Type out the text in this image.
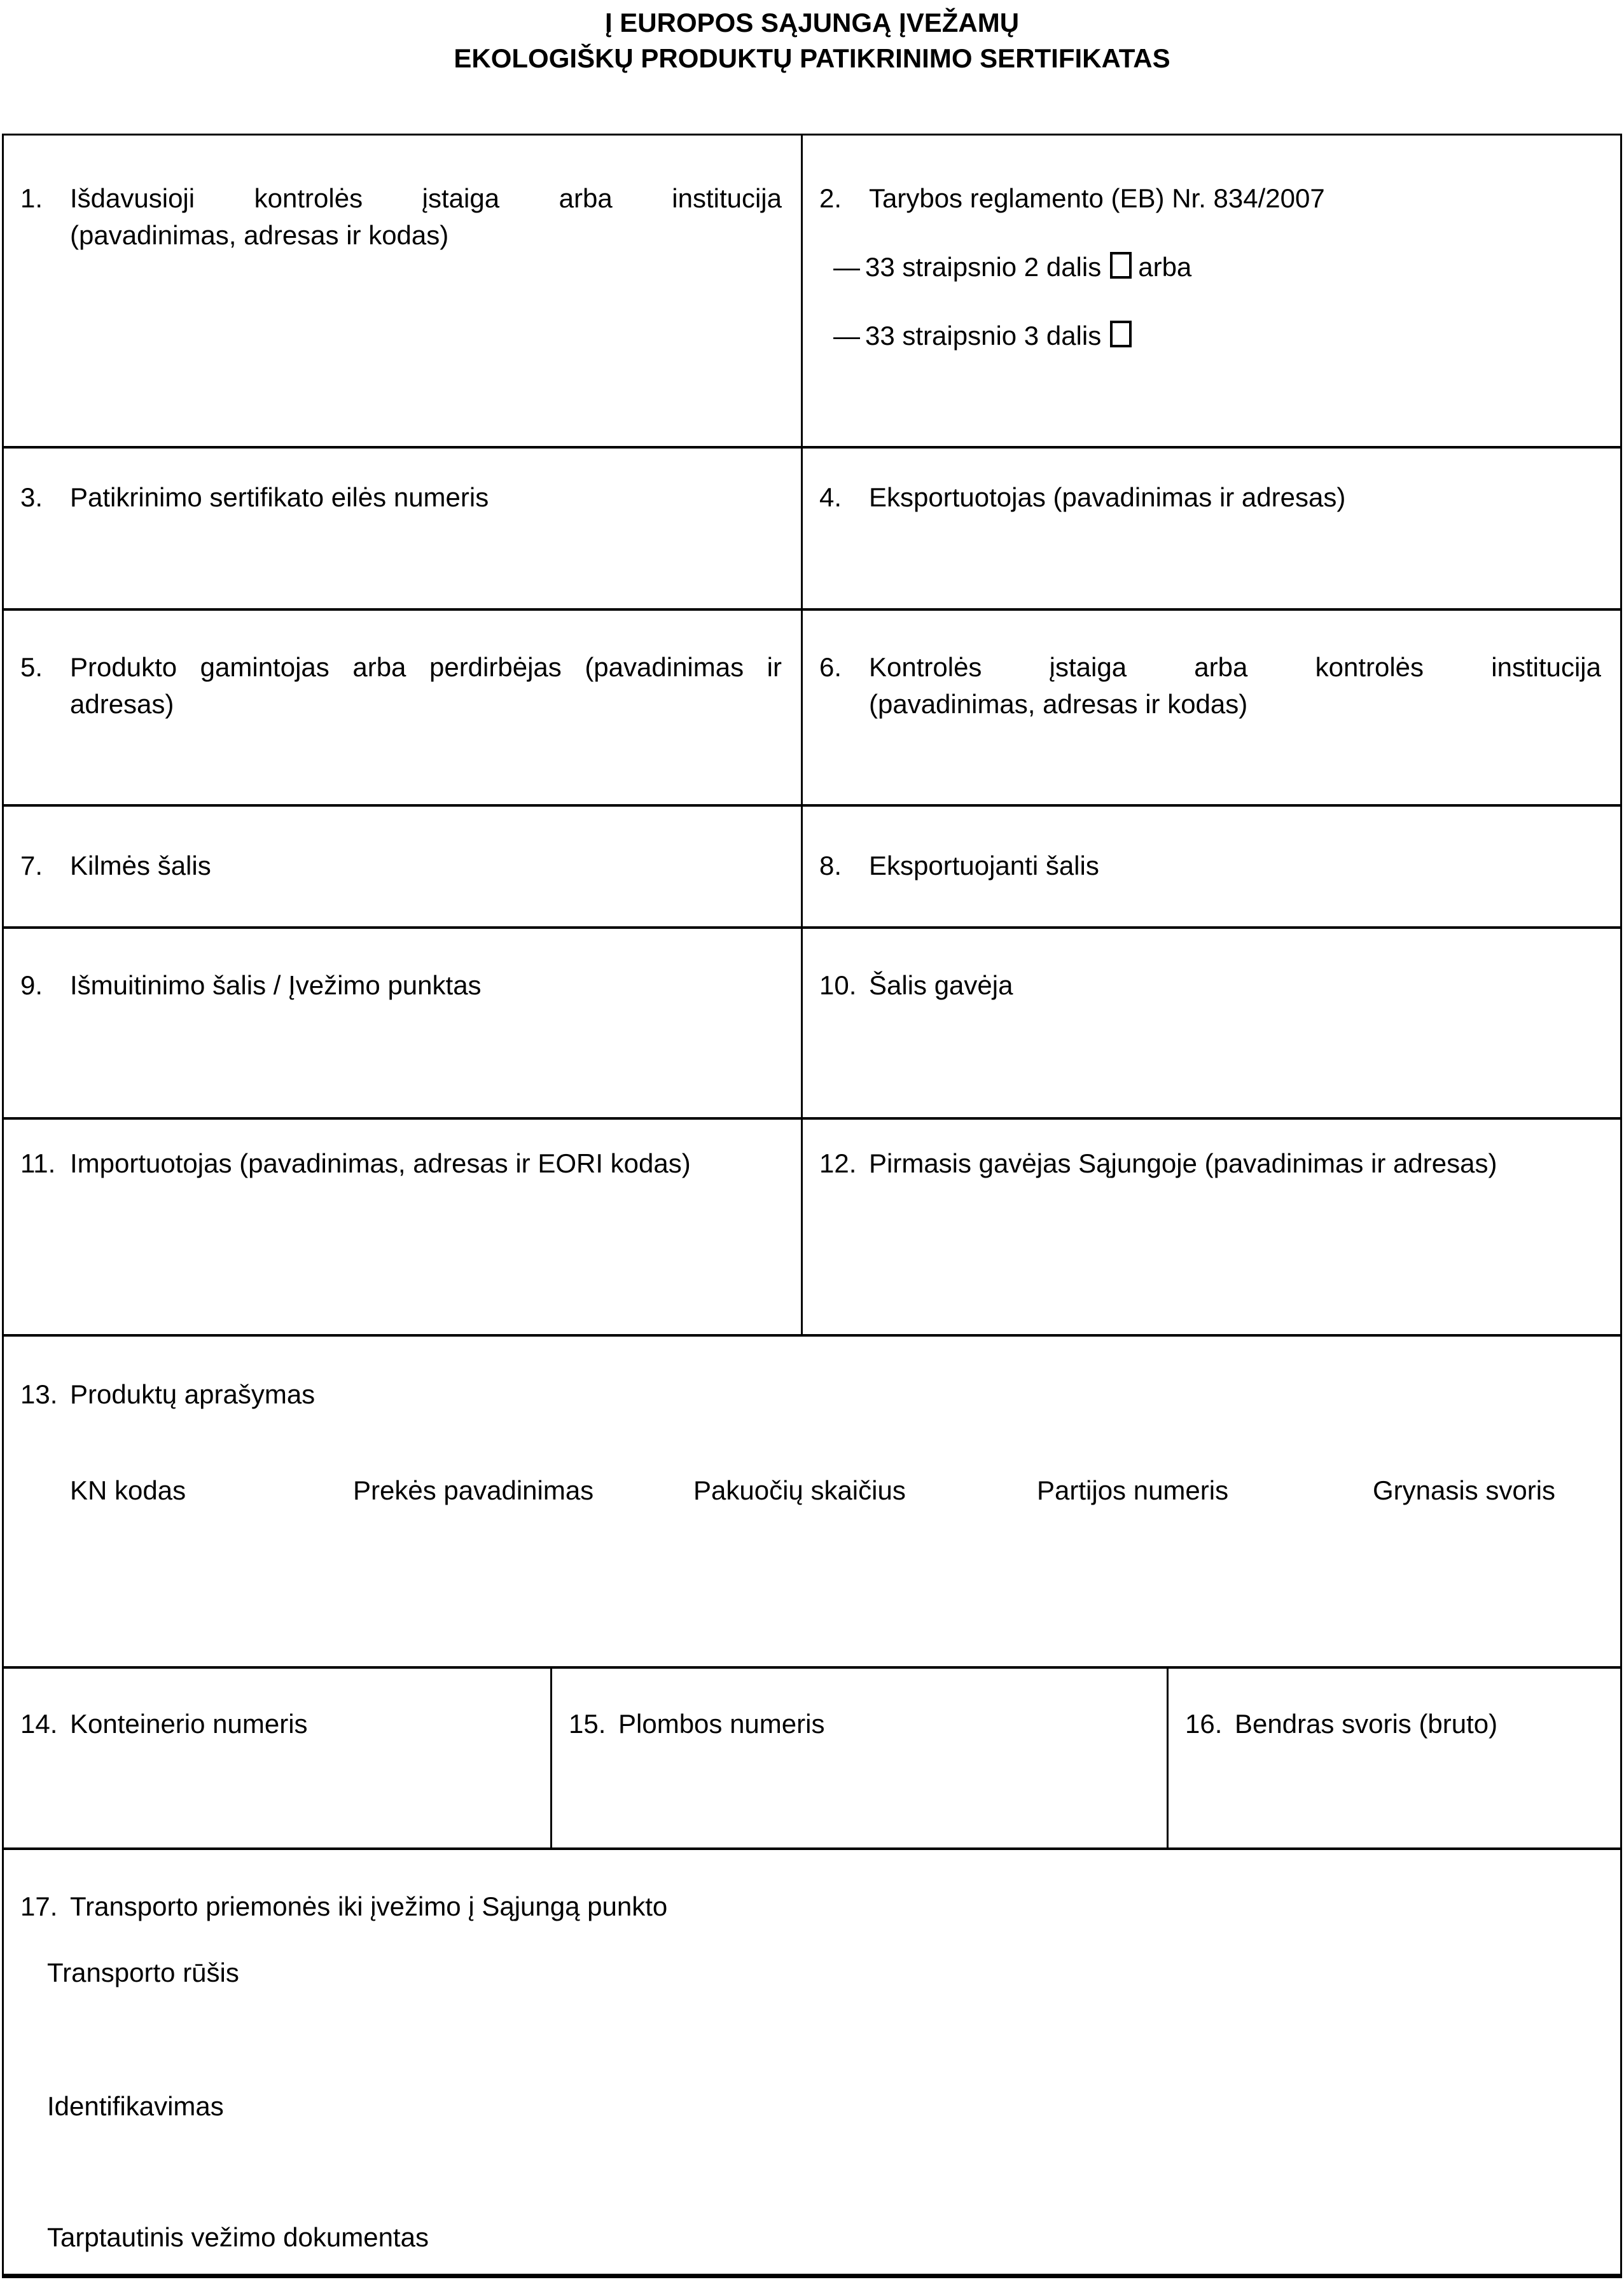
Į EUROPOS SĄJUNGĄ ĮVEŽAMŲ
EKOLOGIŠKŲ PRODUKTŲ PATIKRINIMO SERTIFIKATAS
1.	Išdavusioji kontrolės įstaiga arba institucija
(pavadinimas, adresas ir kodas)
2.	Tarybos reglamento (EB) Nr. 834/2007
— 33 straipsnio 2 dalis arba
— 33 straipsnio 3 dalis
3.	Patikrinimo sertifikato eilės numeris	4.	Eksportuotojas (pavadinimas ir adresas)
5.	Produkto gamintojas arba perdirbėjas (pavadinimas ir
adresas)
6.	Kontrolės įstaiga arba kontrolės institucija
(pavadinimas, adresas ir kodas)
7.	Kilmės šalis	8.	Eksportuojanti šalis
9.	Išmuitinimo šalis / Įvežimo punktas	10. Šalis gavėja
11. Importuotojas (pavadinimas, adresas ir EORI kodas)	12. Pirmasis gavėjas Sąjungoje (pavadinimas ir adresas)
13. Produktų aprašymas
KN kodas	Prekės pavadinimas	Pakuočių skaičius	Partijos numeris	Grynasis svoris
14. Konteinerio numeris	15. Plombos numeris	16. Bendras svoris (bruto)
17. Transporto priemonės iki įvežimo į Sąjungą punkto
Transporto rūšis
Identifikavimas
Tarptautinis vežimo dokumentas
